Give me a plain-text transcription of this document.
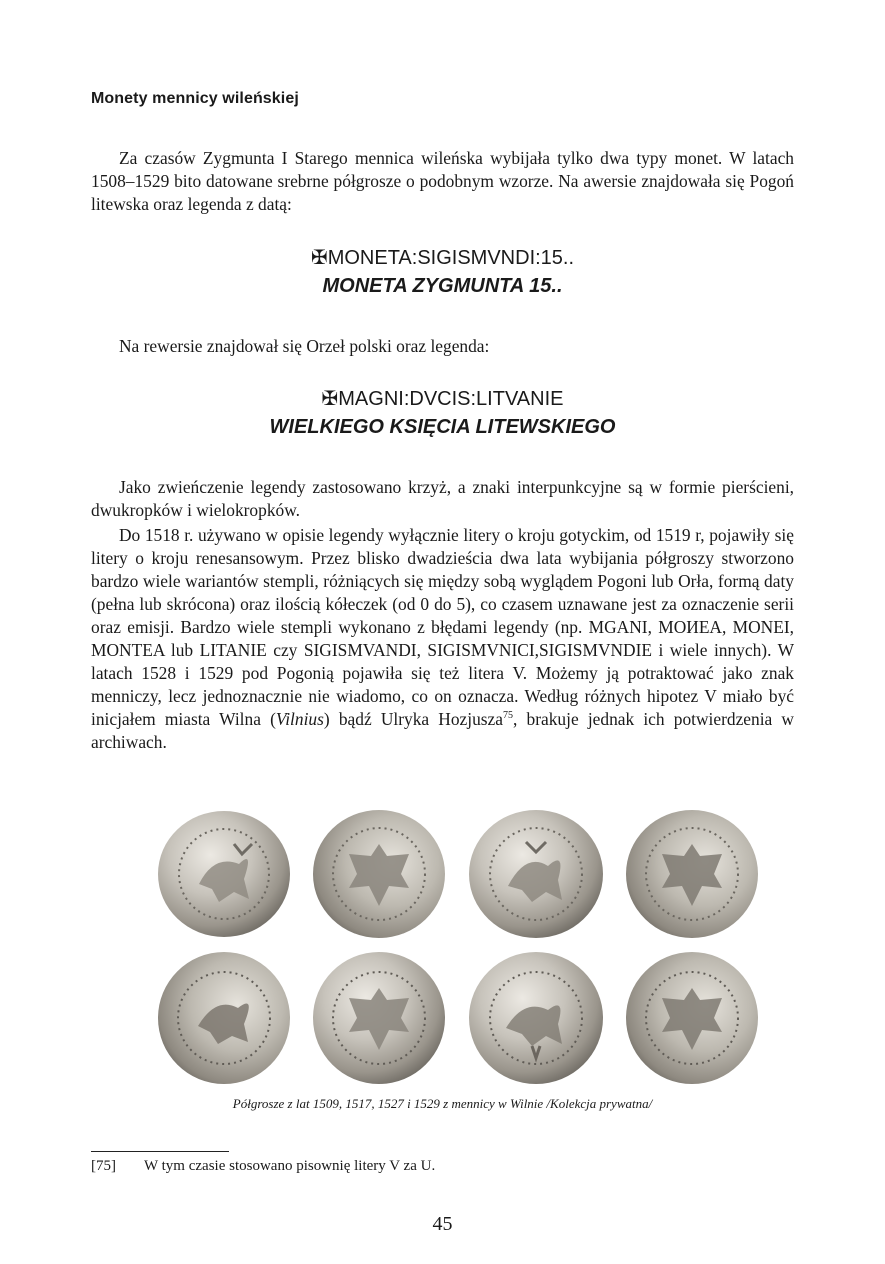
Monety mennicy wileńskiej

Za czasów Zygmunta I Starego mennica wileńska wybijała tylko dwa typy monet. W latach 1508–1529 bito datowane srebrne półgrosze o podobnym wzorze. Na awersie znajdowała się Pogoń litewska oraz legenda z datą:

✠MONETA:SIGISMVNDI:15..
MONETA ZYGMUNTA 15..

Na rewersie znajdował się Orzeł polski oraz legenda:

✠MAGNI:DVCIS:LITVANIE
WIELKIEGO KSIĘCIA LITEWSKIEGO

Jako zwieńczenie legendy zastosowano krzyż, a znaki interpunkcyjne są w formie pierścieni, dwukropków i wielokropków.

Do 1518 r. używano w opisie legendy wyłącznie litery o kroju gotyckim, od 1519 r, pojawiły się litery o kroju renesansowym. Przez blisko dwadzieścia dwa lata wybijania półgroszy stworzono bardzo wiele wariantów stempli, różniących się między sobą wyglądem Pogoni lub Orła, formą daty (pełna lub skrócona) oraz ilością kółeczek (od 0 do 5), co czasem uznawane jest za oznaczenie serii oraz emisji. Bardzo wiele stempli wykonano z błędami legendy (np. MGANI, MOИEA, MONEI, MONTEA lub LITANIE czy SIGISMVANDI, SIGISMVNICI,SIGISMVNDIE i wiele innych). W latach 1528 i 1529 pod Pogonią pojawiła się też litera V. Możemy ją potraktować jako znak menniczy, lecz jednoznacznie nie wiadomo, co on oznacza. Według różnych hipotez V miało być inicjałem miasta Wilna (Vilnius) bądź Ulryka Hozjusza$^{75}$, brakuje jednak ich potwierdzenia w archiwach.

Półgrosze z lat 1509, 1517, 1527 i 1529 z mennicy w Wilnie /Kolekcja prywatna/
[75] W tym czasie stosowano pisownię litery V za U.
45
